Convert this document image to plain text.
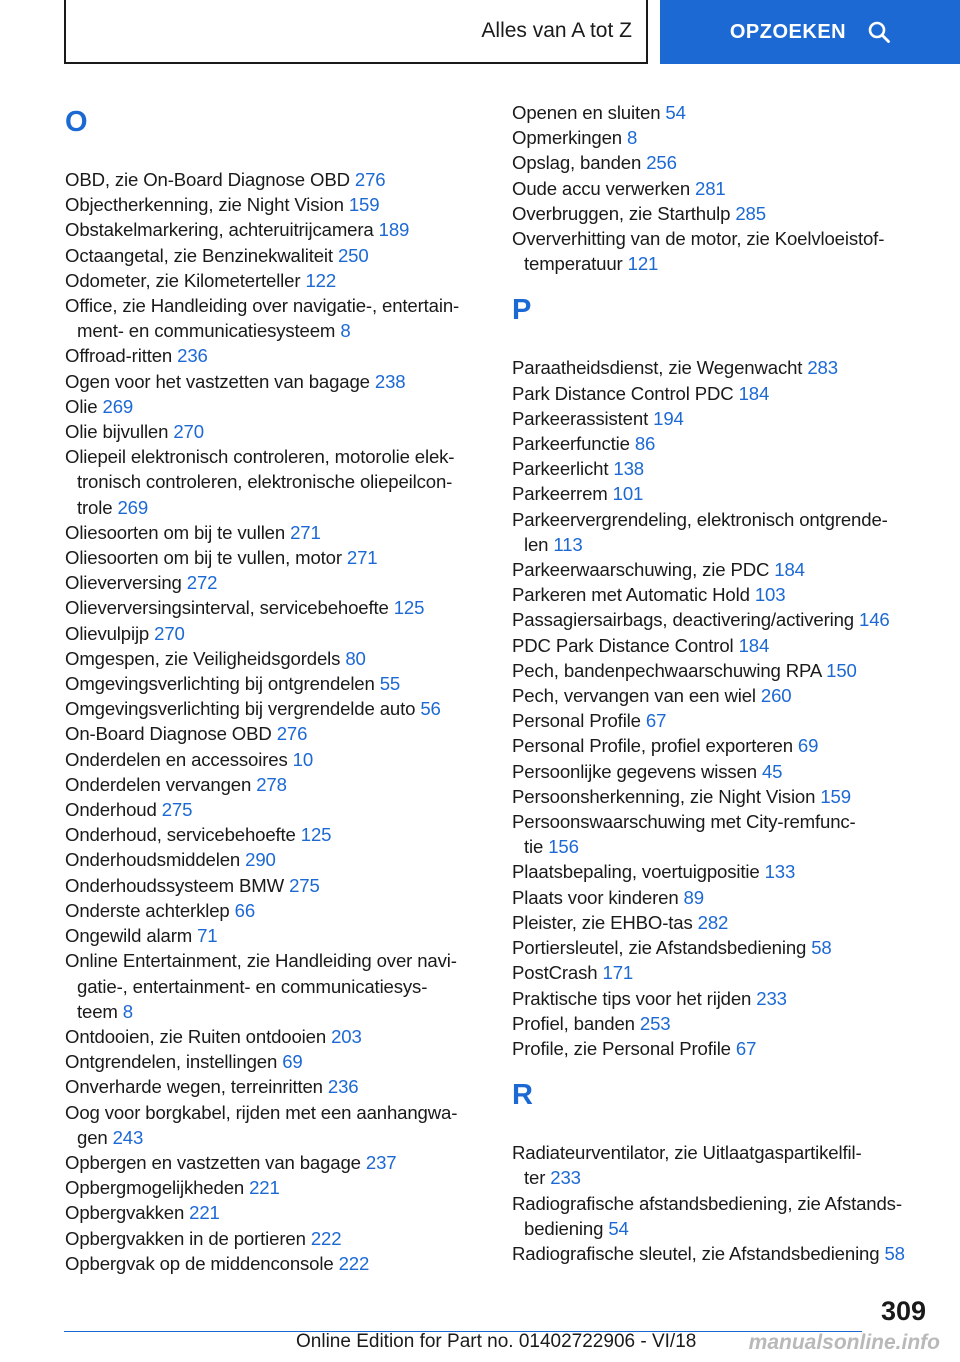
Alles van A tot Z	OPZOEKEN
O
OBD, zie On-Board Diagnose OBD 276
Objectherkenning, zie Night Vision 159
Obstakelmarkering, achteruitrijcamera 189
Octaangetal, zie Benzinekwaliteit 250
Odometer, zie Kilometerteller 122
Office, zie Handleiding over navigatie-, entertain-
ment- en communicatiesysteem 8
Offroad-ritten 236
Ogen voor het vastzetten van bagage 238
Olie 269
Olie bijvullen 270
Oliepeil elektronisch controleren, motorolie elek-
tronisch controleren, elektronische oliepeilcon-
trole 269
Oliesoorten om bij te vullen 271
Oliesoorten om bij te vullen, motor 271
Olieverversing 272
Olieverversingsinterval, servicebehoefte 125
Olievulpijp 270
Omgespen, zie Veiligheidsgordels 80
Omgevingsverlichting bij ontgrendelen 55
Omgevingsverlichting bij vergrendelde auto 56
On-Board Diagnose OBD 276
Onderdelen en accessoires 10
Onderdelen vervangen 278
Onderhoud 275
Onderhoud, servicebehoefte 125
Onderhoudsmiddelen 290
Onderhoudssysteem BMW 275
Onderste achterklep 66
Ongewild alarm 71
Online Entertainment, zie Handleiding over navi-
gatie-, entertainment- en communicatiesys-
teem 8
Ontdooien, zie Ruiten ontdooien 203
Ontgrendelen, instellingen 69
Onverharde wegen, terreinritten 236
Oog voor borgkabel, rijden met een aanhangwa-
gen 243
Opbergen en vastzetten van bagage 237
Opbergmogelijkheden 221
Opbergvakken 221
Opbergvakken in de portieren 222
Opbergvak op de middenconsole 222
Openen en sluiten 54
Opmerkingen 8
Opslag, banden 256
Oude accu verwerken 281
Overbruggen, zie Starthulp 285
Oververhitting van de motor, zie Koelvloeistof-
temperatuur 121
P
Paraatheidsdienst, zie Wegenwacht 283
Park Distance Control PDC 184
Parkeerassistent 194
Parkeerfunctie 86
Parkeerlicht 138
Parkeerrem 101
Parkeervergrendeling, elektronisch ontgrende-
len 113
Parkeerwaarschuwing, zie PDC 184
Parkeren met Automatic Hold 103
Passagiersairbags, deactivering/activering 146
PDC Park Distance Control 184
Pech, bandenpechwaarschuwing RPA 150
Pech, vervangen van een wiel 260
Personal Profile 67
Personal Profile, profiel exporteren 69
Persoonlijke gegevens wissen 45
Persoonsherkenning, zie Night Vision 159
Persoonswaarschuwing met City-remfunc-
tie 156
Plaatsbepaling, voertuigpositie 133
Plaats voor kinderen 89
Pleister, zie EHBO-tas 282
Portiersleutel, zie Afstandsbediening 58
PostCrash 171
Praktische tips voor het rijden 233
Profiel, banden 253
Profile, zie Personal Profile 67
R
Radiateurventilator, zie Uitlaatgaspartikelfil-
ter 233
Radiografische afstandsbediening, zie Afstands-
bediening 54
Radiografische sleutel, zie Afstandsbediening 58
309
Online Edition for Part no. 01402722906 - VI/18 manualsonline.info
